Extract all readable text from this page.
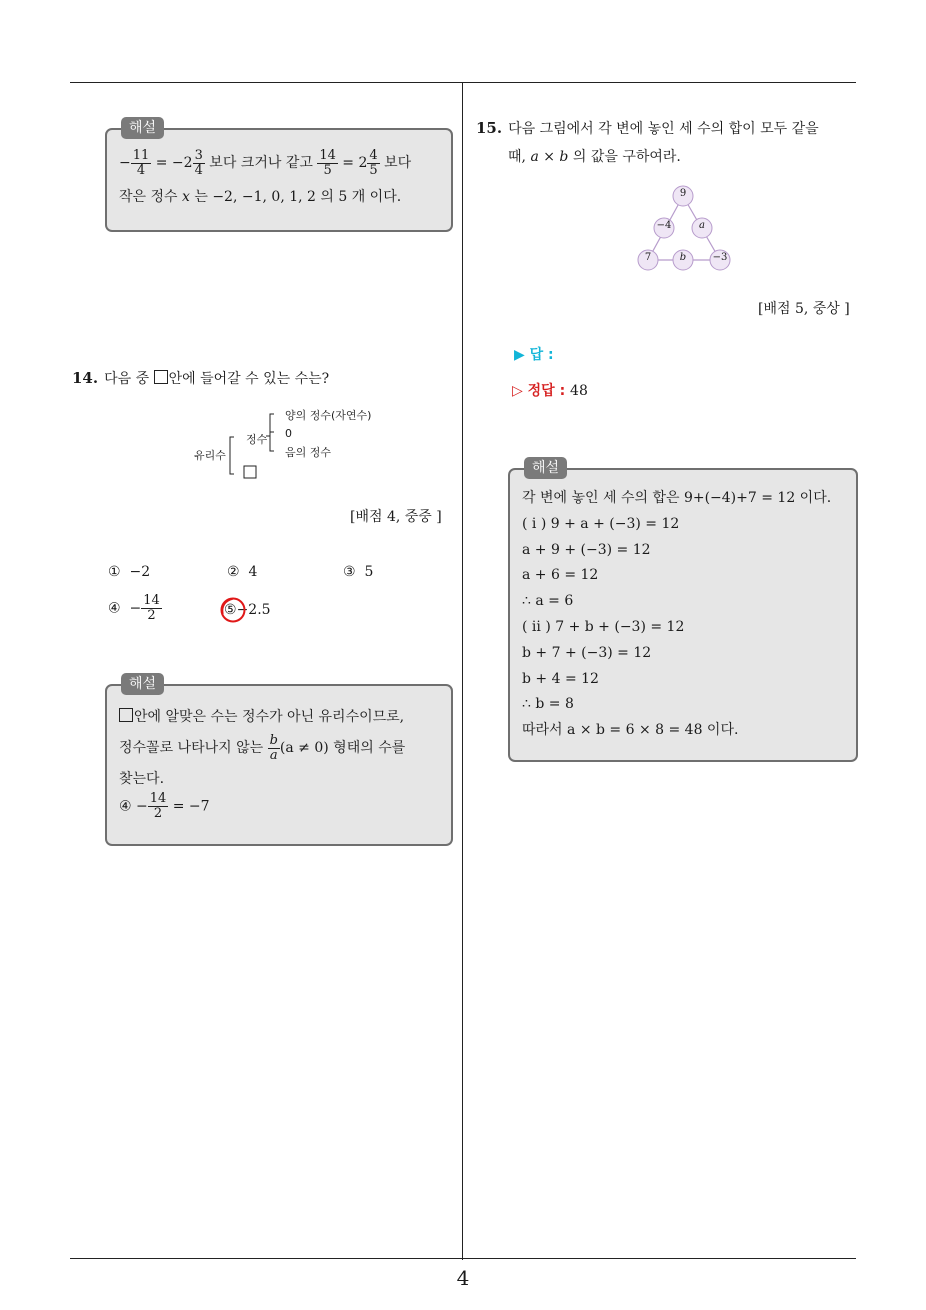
4
해설
− $\frac{11}{4} = -2 \frac{3}{4}$ 보다 크거나 같고 $\frac{14}{5} = 2 \frac{4}{5}$ 보다
작은 정수 x 는 −2, −1, 0, 1, 2 의 5 개 이다.
14. 다음 중 안에 들어갈 수 있는 수는?
유리수
정수
양의 정수(자연수)
0
음의 정수
[배점 4, 중중 ]
① −2	② 4	③ 5
④ − $\frac{14}{2}$	⑤−2.5
해설
안에 알맞은 수는 정수가 아닌 유리수이므로,
정수꼴로 나타나지 않는 $\frac{b}{a} (a \ne 0)$ 형태의 수를
찾는다.
④ − $\frac{14}{2} = -7$
15. 다음 그림에서 각 변에 놓인 세 수의 합이 모두 같을
때, a × b 의 값을 구하여라.
9
−4	a
7	b	−3
[배점 5, 중상 ]
▶ 답 :
▷ 정답 : 48
해설
각 변에 놓인 세 수의 합은 9+(−4)+7 = 12 이다.
( i ) 9 + a + (−3) = 12
a + 9 + (−3) = 12
a + 6 = 12
∴ a = 6
( ii ) 7 + b + (−3) = 12
b + 7 + (−3) = 12
b + 4 = 12
∴ b = 8
따라서 a × b = 6 × 8 = 48 이다.
